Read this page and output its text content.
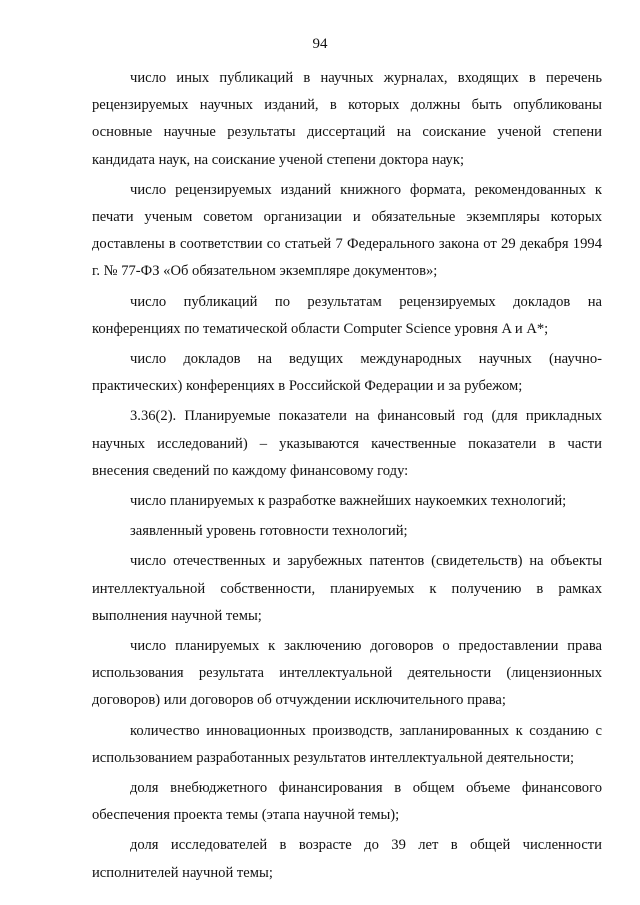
94

число иных публикаций в научных журналах, входящих в перечень рецензируемых научных изданий, в которых должны быть опубликованы основные научные результаты диссертаций на соискание ученой степени кандидата наук, на соискание ученой степени доктора наук;

число рецензируемых изданий книжного формата, рекомендованных к печати ученым советом организации и обязательные экземпляры которых доставлены в соответствии со статьей 7 Федерального закона от 29 декабря 1994 г. № 77-ФЗ «Об обязательном экземпляре документов»;

число публикаций по результатам рецензируемых докладов на конференциях по тематической области Computer Science уровня A и A*;

число докладов на ведущих международных научных (научно-практических) конференциях в Российской Федерации и за рубежом;

3.36(2). Планируемые показатели на финансовый год (для прикладных научных исследований) – указываются качественные показатели в части внесения сведений по каждому финансовому году:

число планируемых к разработке важнейших наукоемких технологий;

заявленный уровень готовности технологий;

число отечественных и зарубежных патентов (свидетельств) на объекты интеллектуальной собственности, планируемых к получению в рамках выполнения научной темы;

число планируемых к заключению договоров о предоставлении права использования результата интеллектуальной деятельности (лицензионных договоров) или договоров об отчуждении исключительного права;

количество инновационных производств, запланированных к созданию с использованием разработанных результатов интеллектуальной деятельности;

доля внебюджетного финансирования в общем объеме финансового обеспечения проекта темы (этапа научной темы);

доля исследователей в возрасте до 39 лет в общей численности исполнителей научной темы;
